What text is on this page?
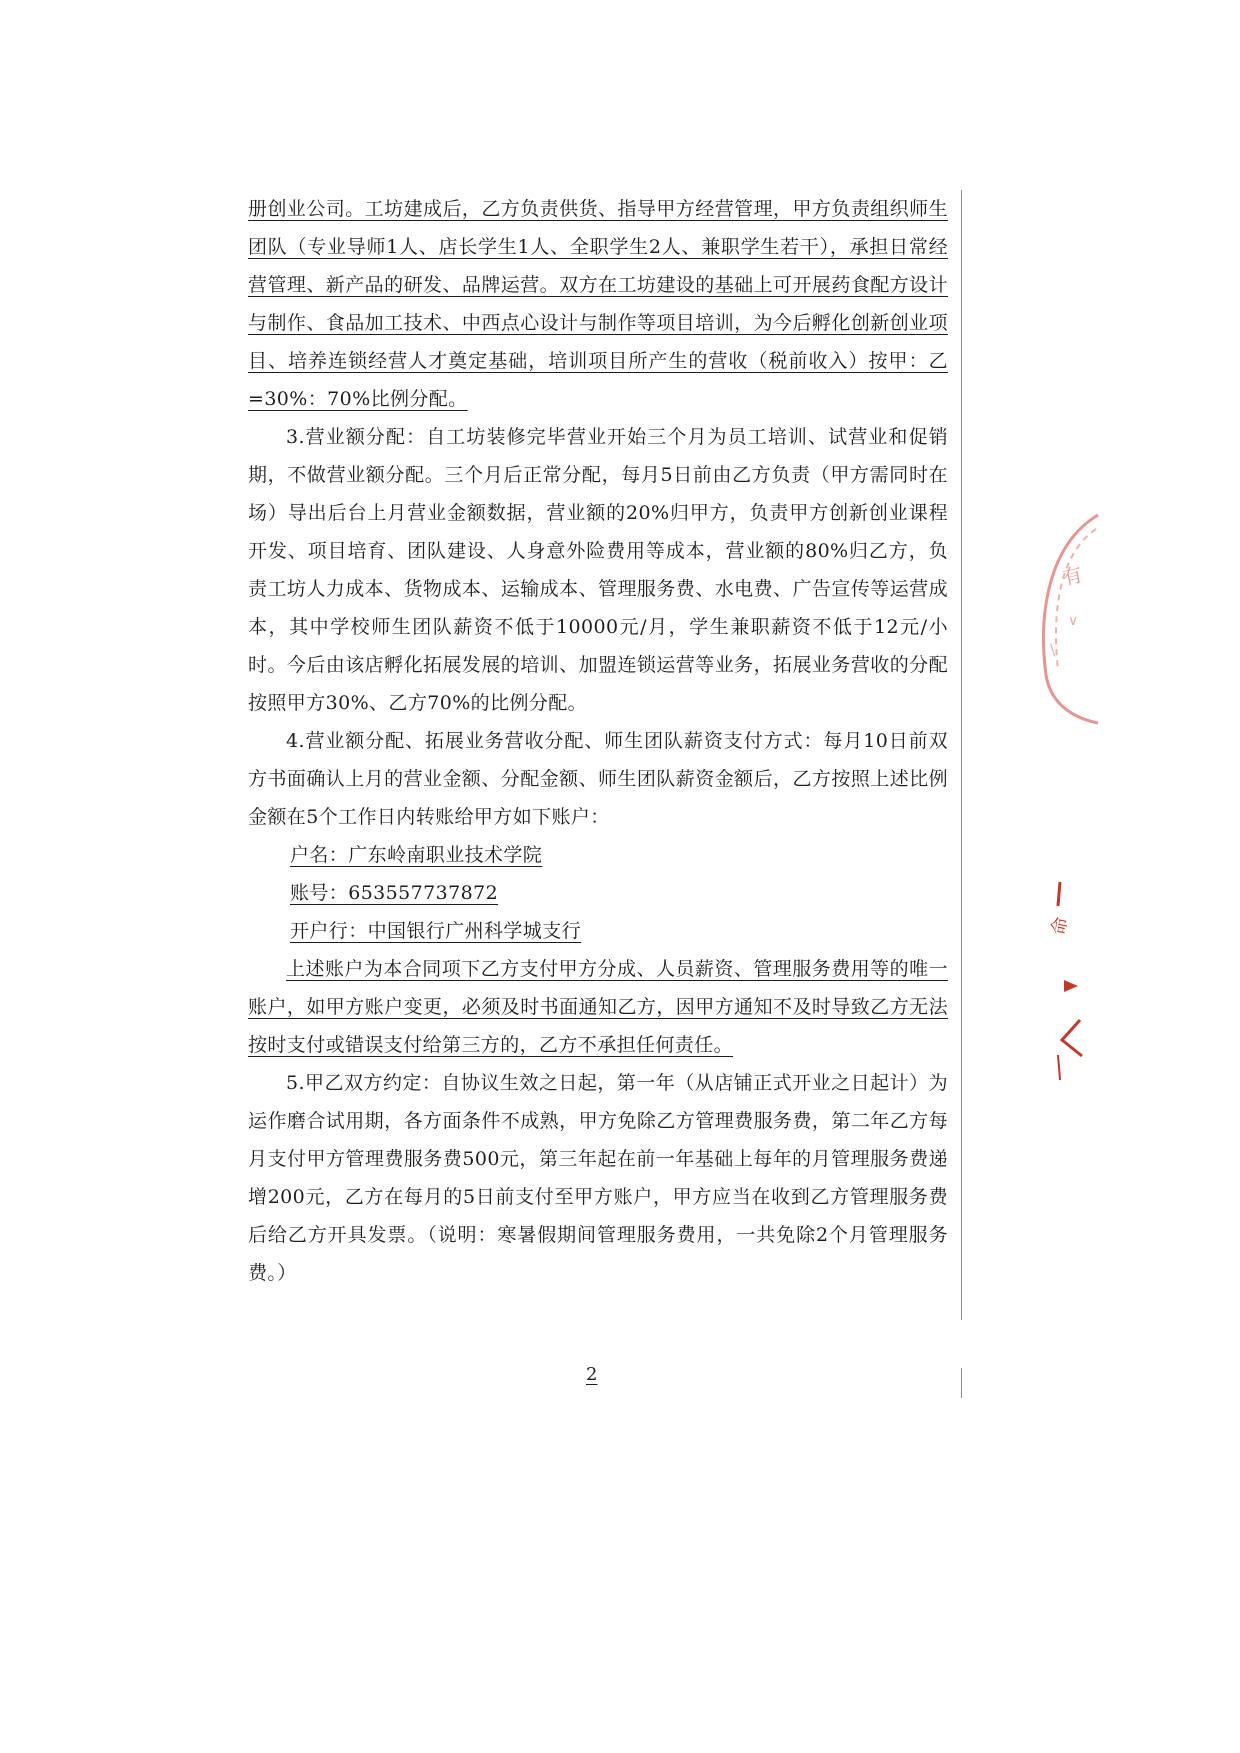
册创业公司。工坊建成后，乙方负责供货、指导甲方经营管理，甲方负责组织师生团队（专业导师1人、店长学生1人、全职学生2人、兼职学生若干），承担日常经营管理、新产品的研发、品牌运营。双方在工坊建设的基础上可开展药食配方设计与制作、食品加工技术、中西点心设计与制作等项目培训，为今后孵化创新创业项目、培养连锁经营人才奠定基础，培训项目所产生的营收（税前收入）按甲：乙=30%：70%比例分配。

3.营业额分配：自工坊装修完毕营业开始三个月为员工培训、试营业和促销期，不做营业额分配。三个月后正常分配，每月5日前由乙方负责（甲方需同时在场）导出后台上月营业金额数据，营业额的20%归甲方，负责甲方创新创业课程开发、项目培育、团队建设、人身意外险费用等成本，营业额的80%归乙方，负责工坊人力成本、货物成本、运输成本、管理服务费、水电费、广告宣传等运营成本，其中学校师生团队薪资不低于10000元/月，学生兼职薪资不低于12元/小时。今后由该店孵化拓展发展的培训、加盟连锁运营等业务，拓展业务营收的分配按照甲方30%、乙方70%的比例分配。

4.营业额分配、拓展业务营收分配、师生团队薪资支付方式：每月10日前双方书面确认上月的营业金额、分配金额、师生团队薪资金额后，乙方按照上述比例金额在5个工作日内转账给甲方如下账户：

户名：广东岭南职业技术学院

账号：653557737872

开户行：中国银行广州科学城支行

上述账户为本合同项下乙方支付甲方分成、人员薪资、管理服务费用等的唯一账户，如甲方账户变更，必须及时书面通知乙方，因甲方通知不及时导致乙方无法按时支付或错误支付给第三方的，乙方不承担任何责任。

5.甲乙双方约定：自协议生效之日起，第一年（从店铺正式开业之日起计）为运作磨合试用期，各方面条件不成熟，甲方免除乙方管理费服务费，第二年乙方每月支付甲方管理费服务费500元，第三年起在前一年基础上每年的月管理服务费递增200元，乙方在每月的5日前支付至甲方账户，甲方应当在收到乙方管理服务费后给乙方开具发票。（说明：寒暑假期间管理服务费用，一共免除2个月管理服务费。）

2
有
∨
\
命
